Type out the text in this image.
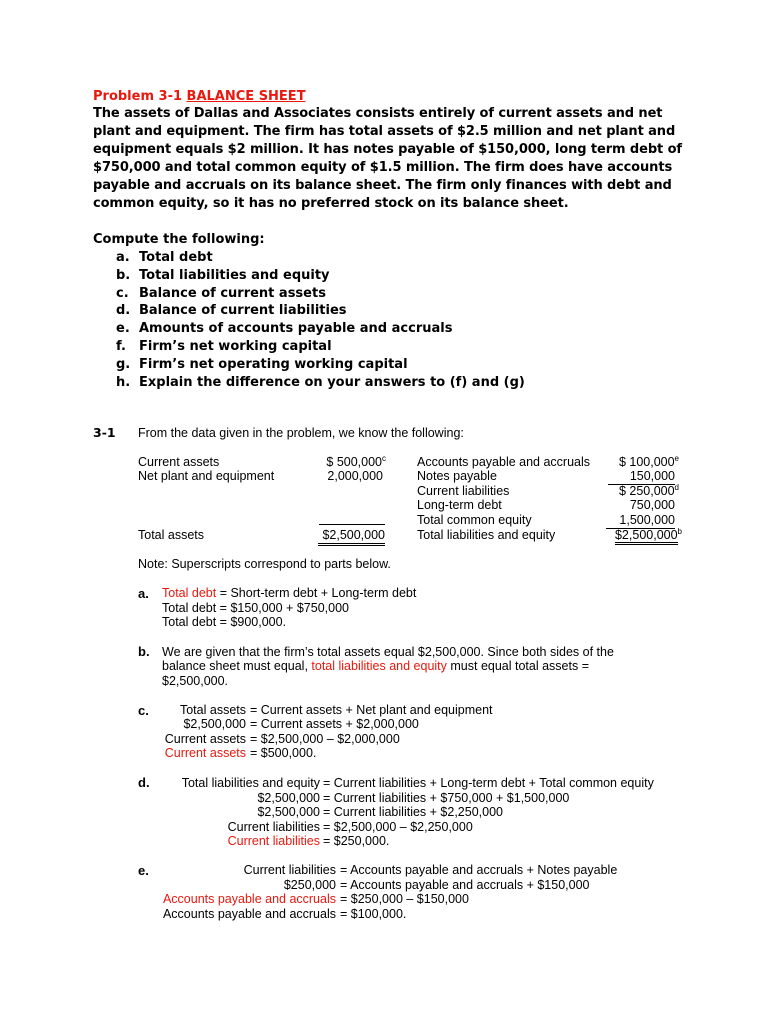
Problem 3-1 BALANCE SHEET
The assets of Dallas and Associates consists entirely of current assets and net plant and equipment. The firm has total assets of $2.5 million and net plant and equipment equals $2 million. It has notes payable of $150,000, long term debt of $750,000 and total common equity of $1.5 million. The firm does have accounts payable and accruals on its balance sheet. The firm only finances with debt and common equity, so it has no preferred stock on its balance sheet.
Compute the following:
a. Total debt
b. Total liabilities and equity
c. Balance of current assets
d. Balance of current liabilities
e. Amounts of accounts payable and accruals
f. Firm’s net working capital
g. Firm’s net operating working capital
h. Explain the difference on your answers to (f) and (g)
3-1 From the data given in the problem, we know the following:
Current assets	$ 500,000$^c$
Net plant and equipment	2,000,000
Total assets	$2,500,000
Accounts payable and accruals	$ 100,000e
Notes payable	150,000
Current liabilities	$ 250,000$^d$
Long-term debt	750,000
Total common equity	1,500,000
Total liabilities and equity	$2,500,000$^b$
Note: Superscripts correspond to parts below.
a. Total debt = Short-term debt + Long-term debt
Total debt = $150,000 + $750,000
Total debt = $900,000.
b. We are given that the firm’s total assets equal $2,500,000. Since both sides of the
balance sheet must equal, total liabilities and equity must equal total assets =
$2,500,000.
c.	Total assets = Current assets + Net plant and equipment
$2,500,000 = Current assets + $2,000,000
Current assets = $2,500,000 – $2,000,000
Current assets = $500,000.
d.	Total liabilities and equity = Current liabilities + Long-term debt + Total common equity
$2,500,000 = Current liabilities + $750,000 + $1,500,000
$2,500,000 = Current liabilities + $2,250,000
Current liabilities = $2,500,000 – $2,250,000
Current liabilities = $250,000.
e.	Current liabilities = Accounts payable and accruals + Notes payable
$250,000 = Accounts payable and accruals + $150,000
Accounts payable and accruals = $250,000 – $150,000
Accounts payable and accruals = $100,000.
